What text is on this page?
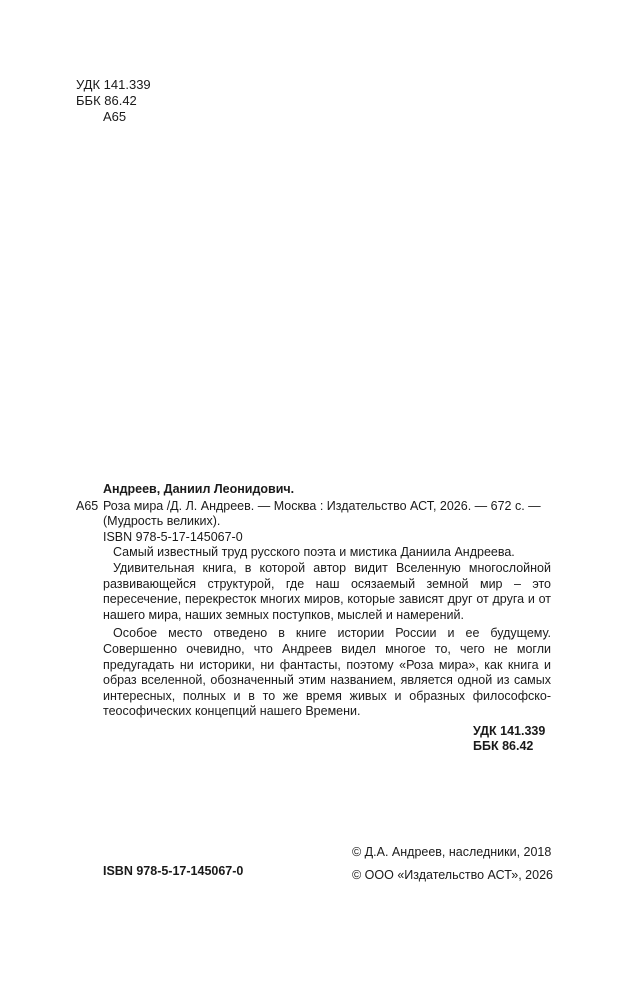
УДК 141.339
ББК 86.42
А65
Андреев, Даниил Леонидович.
А65 Роза мира /Д. Л. Андреев. — Москва : Издательство АСТ, 2026. — 672 с. — (Мудрость великих).
ISBN 978-5-17-145067-0
Самый известный труд русского поэта и мистика Даниила Андреева.
Удивительная книга, в которой автор видит Вселенную многослойной развивающейся структурой, где наш осязаемый земной мир – это пересечение, перекресток многих миров, которые зависят друг от друга и от нашего мира, наших земных поступков, мыслей и намерений.
Особое место отведено в книге истории России и ее будущему. Совершенно очевидно, что Андреев видел многое то, чего не могли предугадать ни историки, ни фантасты, поэтому «Роза мира», как книга и образ вселенной, обозначенный этим названием, является одной из самых интересных, полных и в то же время живых и образных философско-теософических концепций нашего Времени.
УДК 141.339
ББК 86.42
ISBN 978-5-17-145067-0
© Д.А. Андреев, наследники, 2018
© ООО «Издательство АСТ», 2026
